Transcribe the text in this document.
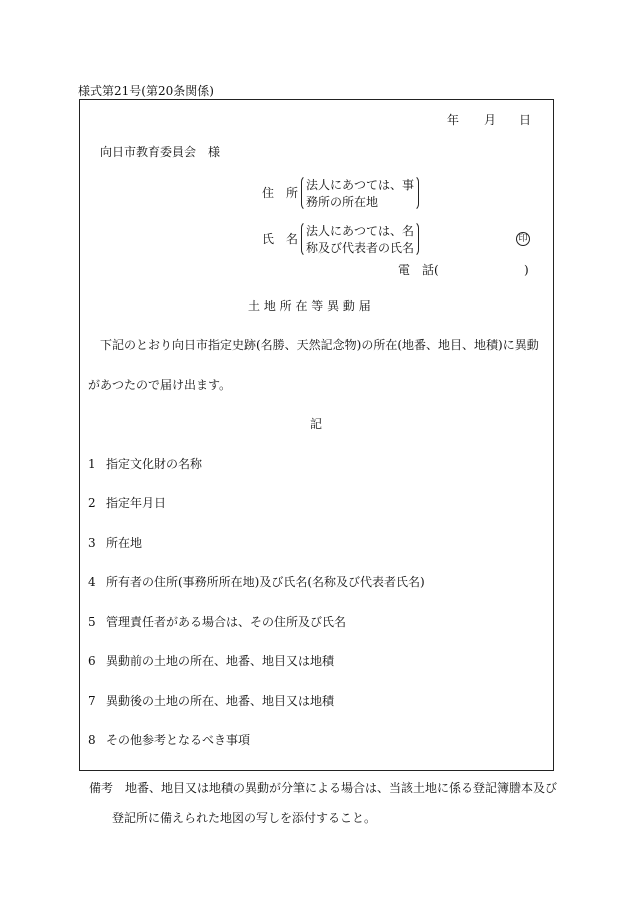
様式第21号(第20条関係)
年 月 日
向日市教育委員会　様
住　所
法人にあつては、事
務所の所在地
氏　名
法人にあつては、名
称及び代表者の氏名
印
電　話(	)
土 地 所 在 等 異 動 届
下記のとおり向日市指定史跡(名勝、天然記念物)の所在(地番、地目、地積)に異動
があつたので届け出ます。
記
1 指定文化財の名称
2 指定年月日
3 所在地
4 所有者の住所(事務所所在地)及び氏名(名称及び代表者氏名)
5 管理責任者がある場合は、その住所及び氏名
6 異動前の土地の所在、地番、地目又は地積
7 異動後の土地の所在、地番、地目又は地積
8 その他参考となるべき事項
備考　地番、地目又は地積の異動が分筆による場合は、当該土地に係る登記簿謄本及び
登記所に備えられた地図の写しを添付すること。
